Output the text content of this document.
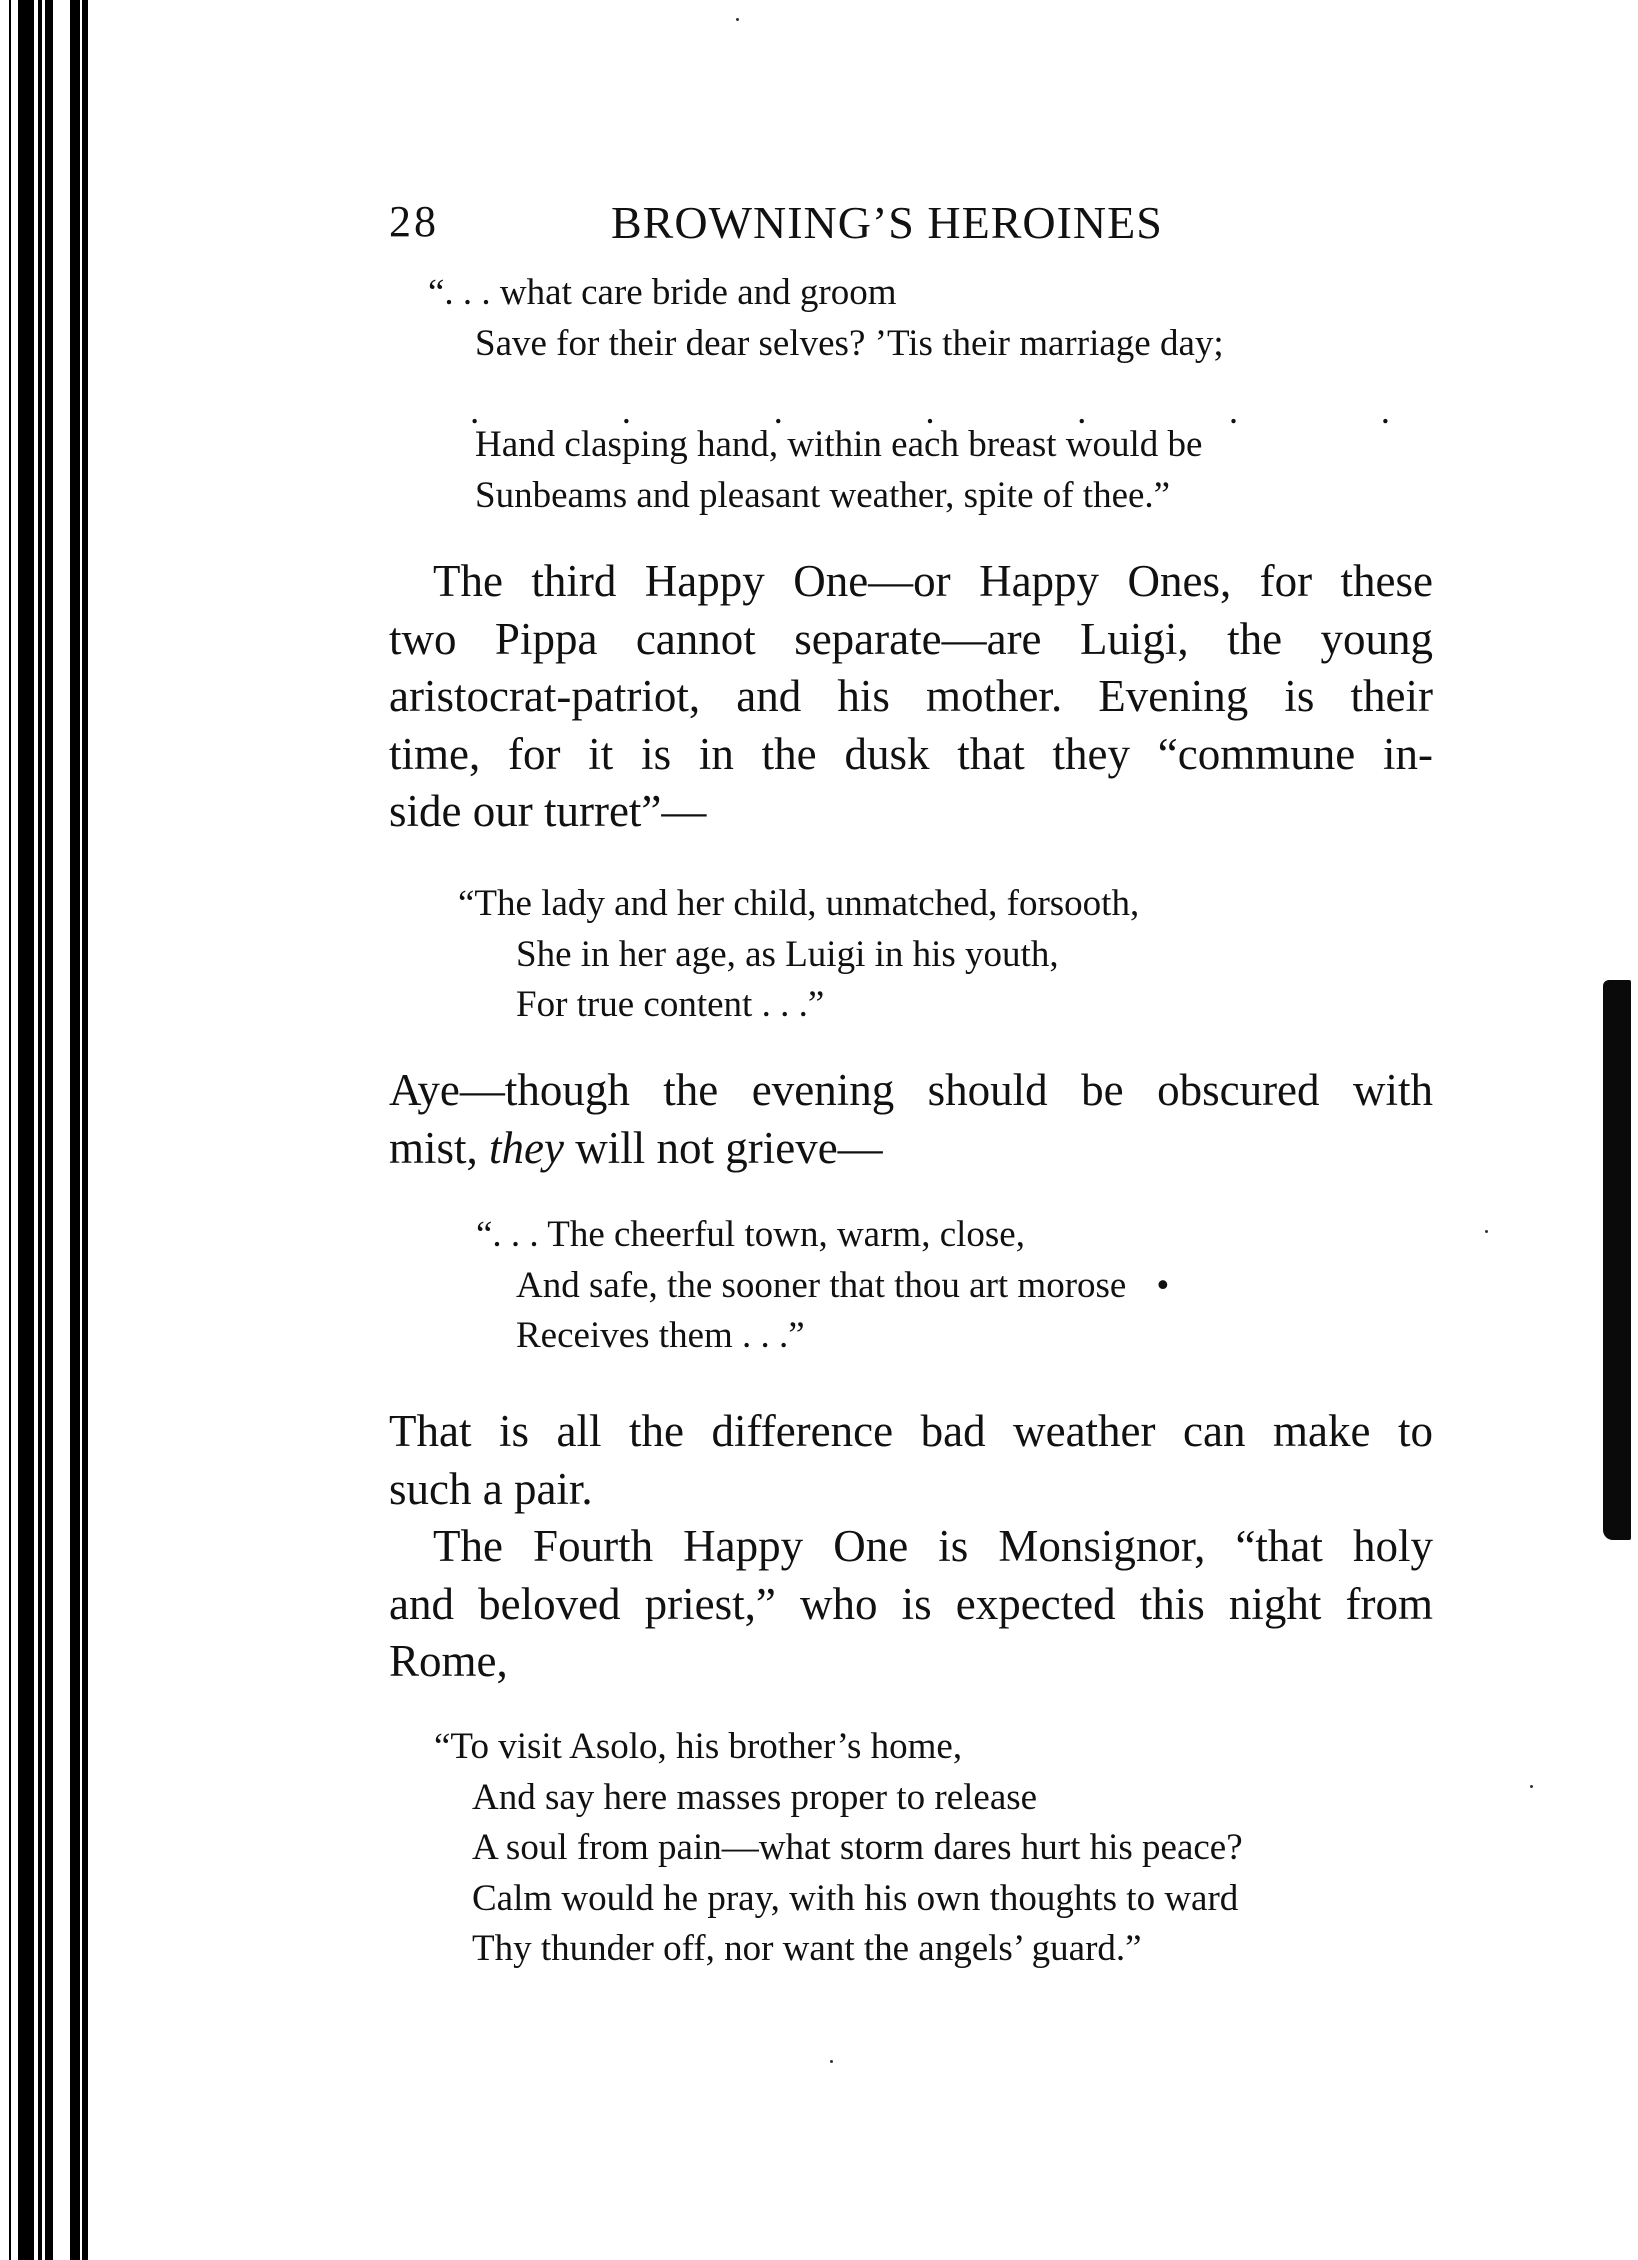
28	BROWNING’S HEROINES
“. . . what care bride and groom
Save for their dear selves? ’Tis their marriage day;
.	.	.	.	.	.	.
Hand clasping hand, within each breast would be
Sunbeams and pleasant weather, spite of thee.”
The third Happy One—or Happy Ones, for these
two Pippa cannot separate—are Luigi, the young
aristocrat-patriot, and his mother. Evening is their
time, for it is in the dusk that they “commune in-
side our turret”—
“The lady and her child, unmatched, forsooth,
She in her age, as Luigi in his youth,
For true content . . .”
Aye—though the evening should be obscured with
mist, they will not grieve—
“. . . The cheerful town, warm, close,
And safe, the sooner that thou art morose •
Receives them . . .”
That is all the difference bad weather can make to
such a pair.
The Fourth Happy One is Monsignor, “that holy
and beloved priest,” who is expected this night from
Rome,
“To visit Asolo, his brother’s home,
And say here masses proper to release
A soul from pain—what storm dares hurt his peace?
Calm would he pray, with his own thoughts to ward
Thy thunder off, nor want the angels’ guard.”
